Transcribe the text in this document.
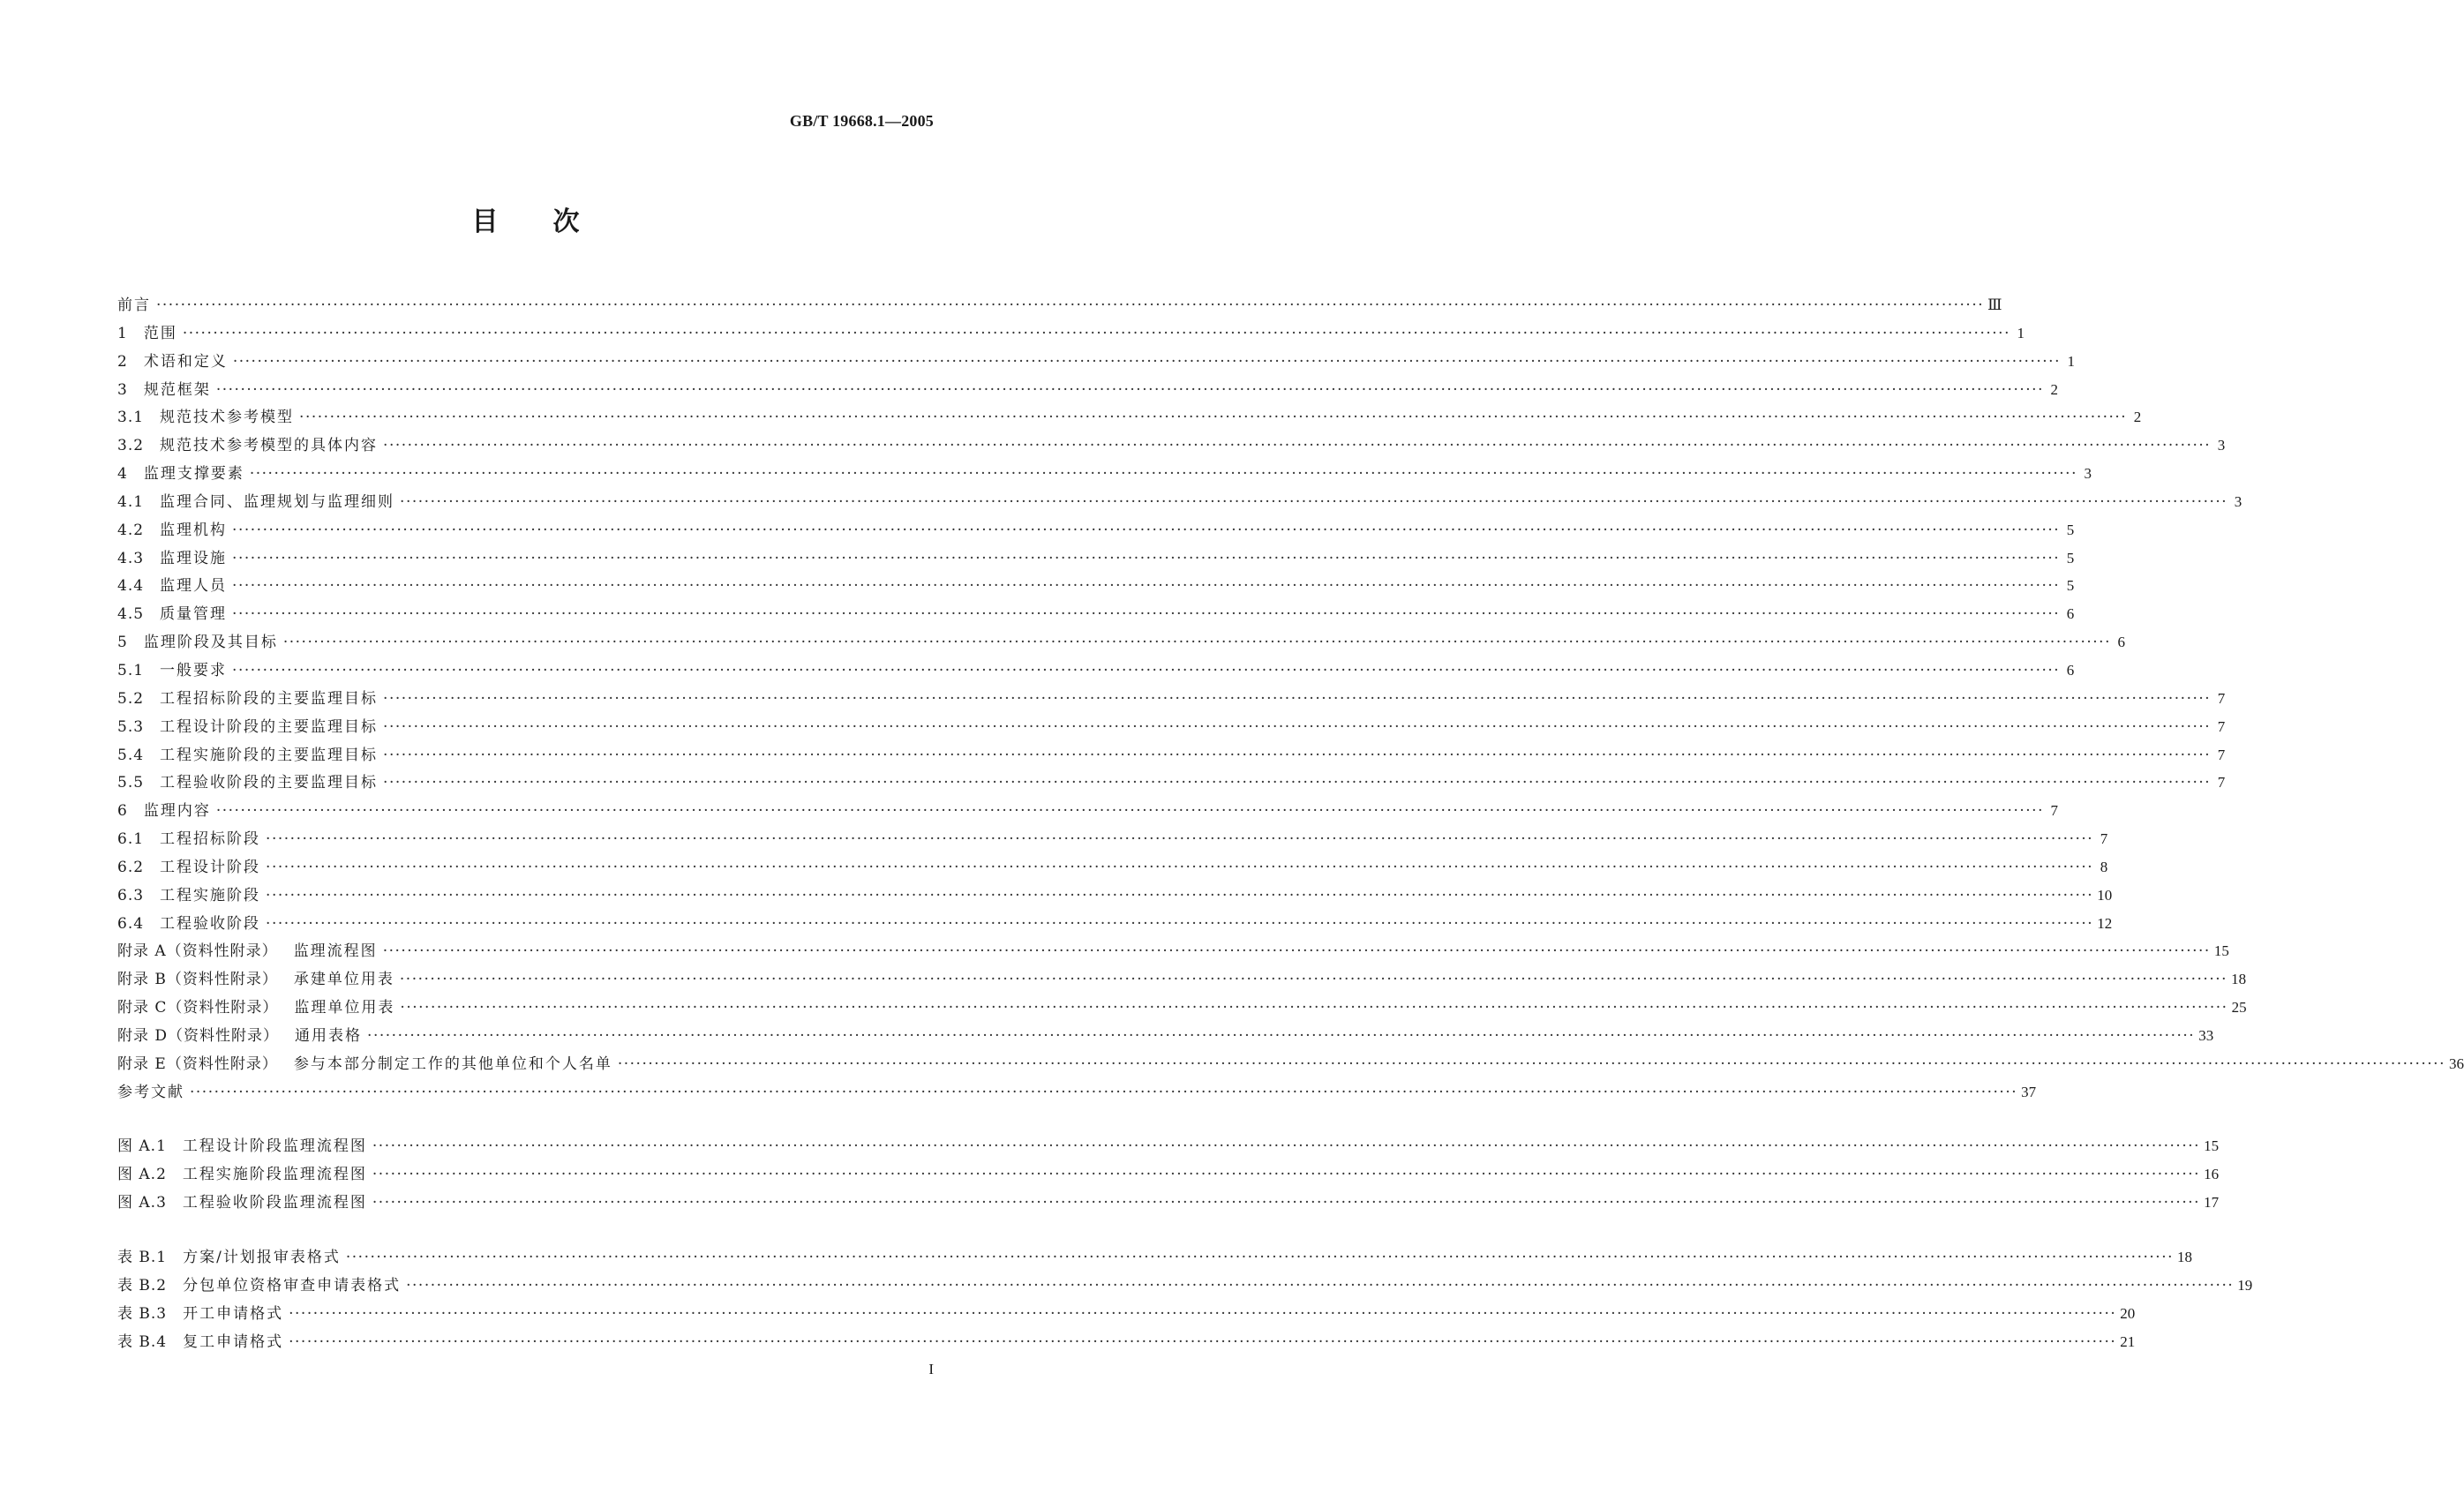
GB/T 19668.1—2005
目次
前言 ············································································································································································································································································································ Ⅲ
1 范围 ············································································································································································································································································································ 1
2 术语和定义 ············································································································································································································································································································ 1
3 规范框架 ············································································································································································································································································································ 2
3.1 规范技术参考模型 ············································································································································································································································································································ 2
3.2 规范技术参考模型的具体内容 ············································································································································································································································································································ 3
4 监理支撑要素 ············································································································································································································································································································ 3
4.1 监理合同、监理规划与监理细则 ············································································································································································································································································································ 3
4.2 监理机构 ············································································································································································································································································································ 5
4.3 监理设施 ············································································································································································································································································································ 5
4.4 监理人员 ············································································································································································································································································································ 5
4.5 质量管理 ············································································································································································································································································································ 6
5 监理阶段及其目标 ············································································································································································································································································································ 6
5.1 一般要求 ············································································································································································································································································································ 6
5.2 工程招标阶段的主要监理目标 ············································································································································································································································································································ 7
5.3 工程设计阶段的主要监理目标 ············································································································································································································································································································ 7
5.4 工程实施阶段的主要监理目标 ············································································································································································································································································································ 7
5.5 工程验收阶段的主要监理目标 ············································································································································································································································································································ 7
6 监理内容 ············································································································································································································································································································ 7
6.1 工程招标阶段 ············································································································································································································································································································ 7
6.2 工程设计阶段 ············································································································································································································································································································ 8
6.3 工程实施阶段 ············································································································································································································································································································ 10
6.4 工程验收阶段 ············································································································································································································································································································ 12
附录 A（资料性附录） 监理流程图 ············································································································································································································································································································ 15
附录 B（资料性附录） 承建单位用表 ············································································································································································································································································································ 18
附录 C（资料性附录） 监理单位用表 ············································································································································································································································································································ 25
附录 D（资料性附录） 通用表格 ············································································································································································································································································································ 33
附录 E（资料性附录） 参与本部分制定工作的其他单位和个人名单 ············································································································································································································································································································ 36
参考文献 ············································································································································································································································································································ 37
图 A.1 工程设计阶段监理流程图 ············································································································································································································································································································ 15
图 A.2 工程实施阶段监理流程图 ············································································································································································································································································································ 16
图 A.3 工程验收阶段监理流程图 ············································································································································································································································································································ 17
表 B.1 方案/计划报审表格式 ············································································································································································································································································································ 18
表 B.2 分包单位资格审查申请表格式 ············································································································································································································································································································ 19
表 B.3 开工申请格式 ············································································································································································································································································································ 20
表 B.4 复工申请格式 ············································································································································································································································································································ 21
I
